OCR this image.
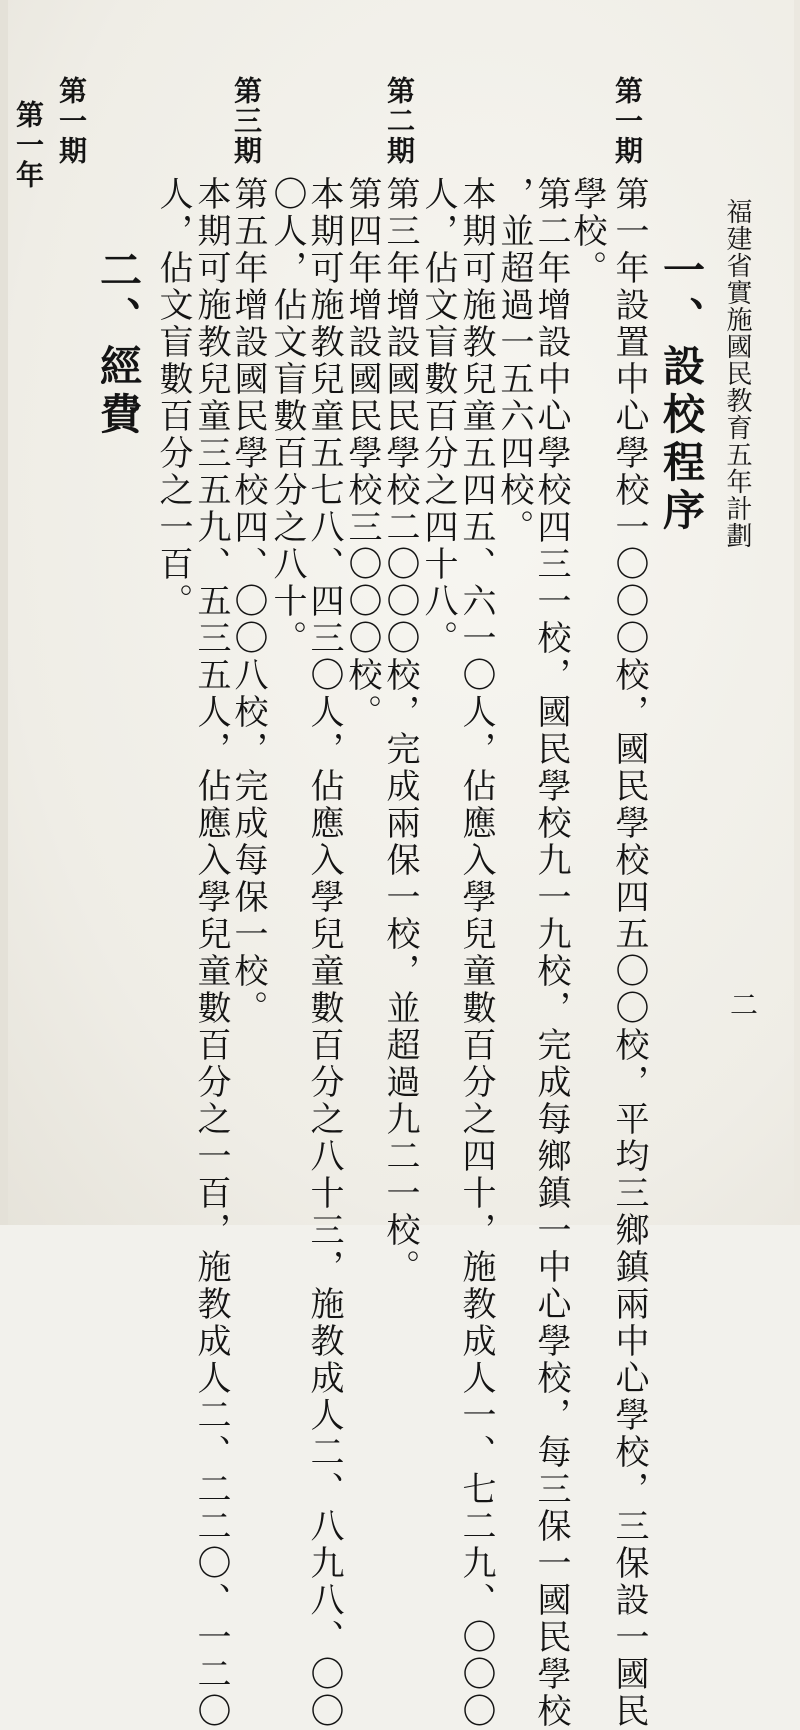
福建省實施國民教育五年計劃
二
一、設校程序
第一期
第一年設置中心學校一〇〇〇校，國民學校四五〇〇校，平均三鄉鎮兩中心學校，三保設一國民
學校。
第二年增設中心學校四三一校，國民學校九一九校，完成每鄉鎮一中心學校，每三保一國民學校
，並超過一五六四校。
本期可施教兒童五四五、六一〇人，佔應入學兒童數百分之四十，施教成人一、七二九、〇〇〇
人，佔文盲數百分之四十八。
第二期
第三年增設國民學校二〇〇〇校，完成兩保一校，並超過九二一校。
第四年增設國民學校三〇〇〇校。
本期可施教兒童五七八、四三〇人，佔應入學兒童數百分之八十三，施教成人二、八九八、〇〇
〇人，佔文盲數百分之八十。
第三期
第五年增設國民學校四、〇〇八校，完成每保一校。
本期可施教兒童三五九、五三五人，佔應入學兒童數百分之一百，施教成人二、二二〇、一二〇
人，佔文盲數百分之一百。
二、經費
第一期
第一年
